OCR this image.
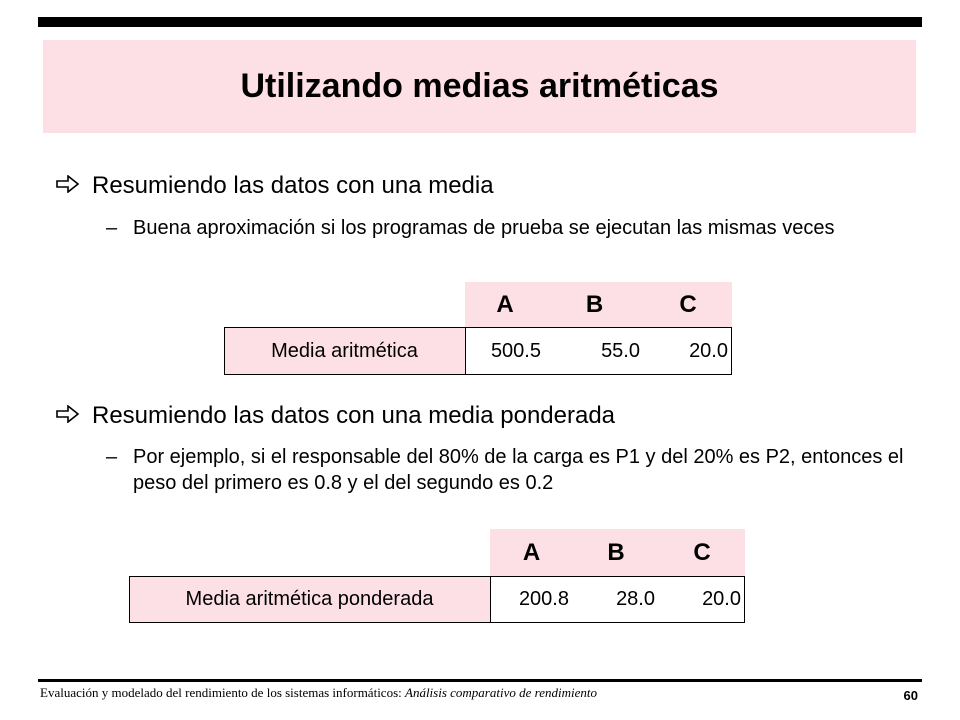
Utilizando medias aritméticas
Resumiendo las datos con una media
– Buena aproximación si los programas de prueba se ejecutan las mismas veces
A	B	C
Media aritmética	500.5	55.0	20.0
Resumiendo las datos con una media ponderada
– Por ejemplo, si el responsable del 80% de la carga es P1 y del 20% es P2, entonces el peso del primero es 0.8 y el del segundo es 0.2
A	B	C
Media aritmética ponderada	200.8	28.0	20.0
Evaluación y modelado del rendimiento de los sistemas informáticos: Análisis comparativo de rendimiento	60
